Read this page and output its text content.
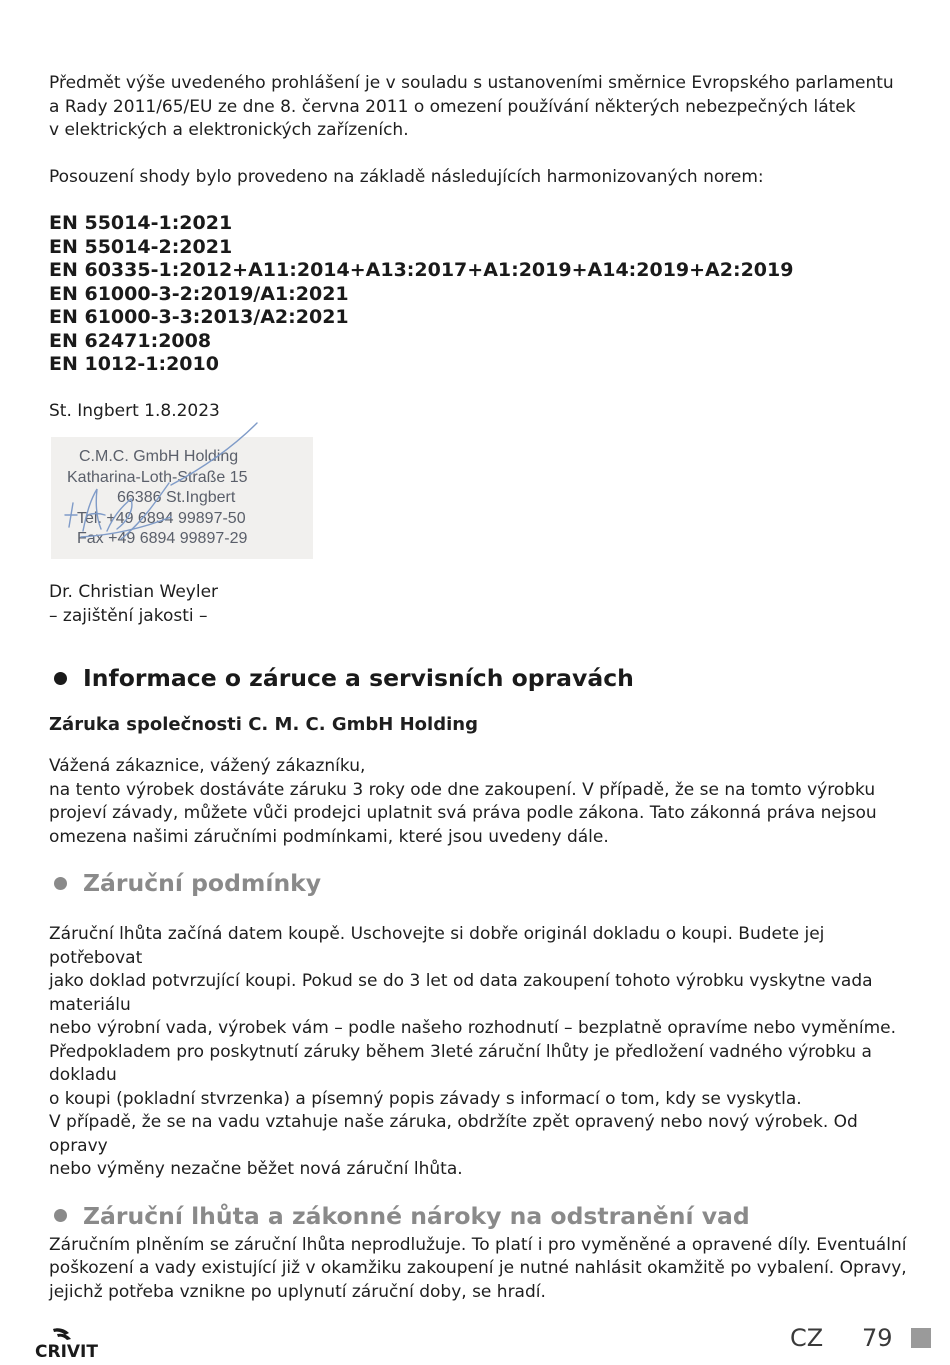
Předmět výše uvedeného prohlášení je v souladu s ustanoveními směrnice Evropského parlamentu
a Rady 2011/65/EU ze dne 8. června 2011 o omezení používání některých nebezpečných látek
v elektrických a elektronických zařízeních.

Posouzení shody bylo provedeno na základě následujících harmonizovaných norem:

EN 55014-1:2021
EN 55014-2:2021
EN 60335-1:2012+A11:2014+A13:2017+A1:2019+A14:2019+A2:2019
EN 61000-3-2:2019/A1:2021
EN 61000-3-3:2013/A2:2021
EN 62471:2008
EN 1012-1:2010

St. Ingbert 1.8.2023

C.M.C. GmbH Holding
Katharina-Loth-Straße 15
66386 St.Ingbert
Tel. +49 6894 99897-50
Fax +49 6894 99897-29
Dr. Christian Weyler
– zajištění jakosti –
Informace o záruce a servisních opravách
Záruka společnosti C. M. C. GmbH Holding
Vážená zákaznice, vážený zákazníku,
na tento výrobek dostáváte záruku 3 roky ode dne zakoupení. V případě, že se na tomto výrobku
projeví závady, můžete vůči prodejci uplatnit svá práva podle zákona. Tato zákonná práva nejsou
omezena našimi záručními podmínkami, které jsou uvedeny dále.
Záruční podmínky
Záruční lhůta začíná datem koupě. Uschovejte si dobře originál dokladu o koupi. Budete jej potřebovat
jako doklad potvrzující koupi. Pokud se do 3 let od data zakoupení tohoto výrobku vyskytne vada materiálu
nebo výrobní vada, výrobek vám – podle našeho rozhodnutí – bezplatně opravíme nebo vyměníme.
Předpokladem pro poskytnutí záruky během 3leté záruční lhůty je předložení vadného výrobku a dokladu
o koupi (pokladní stvrzenka) a písemný popis závady s informací o tom, kdy se vyskytla.
V případě, že se na vadu vztahuje naše záruka, obdržíte zpět opravený nebo nový výrobek. Od opravy
nebo výměny nezačne běžet nová záruční lhůta.
Záruční lhůta a zákonné nároky na odstranění vad
Záručním plněním se záruční lhůta neprodlužuje. To platí i pro vyměněné a opravené díly. Eventuální
poškození a vady existující již v okamžiku zakoupení je nutné nahlásit okamžitě po vybalení. Opravy,
jejichž potřeba vznikne po uplynutí záruční doby, se hradí.
CRIVIT	CZ 79
